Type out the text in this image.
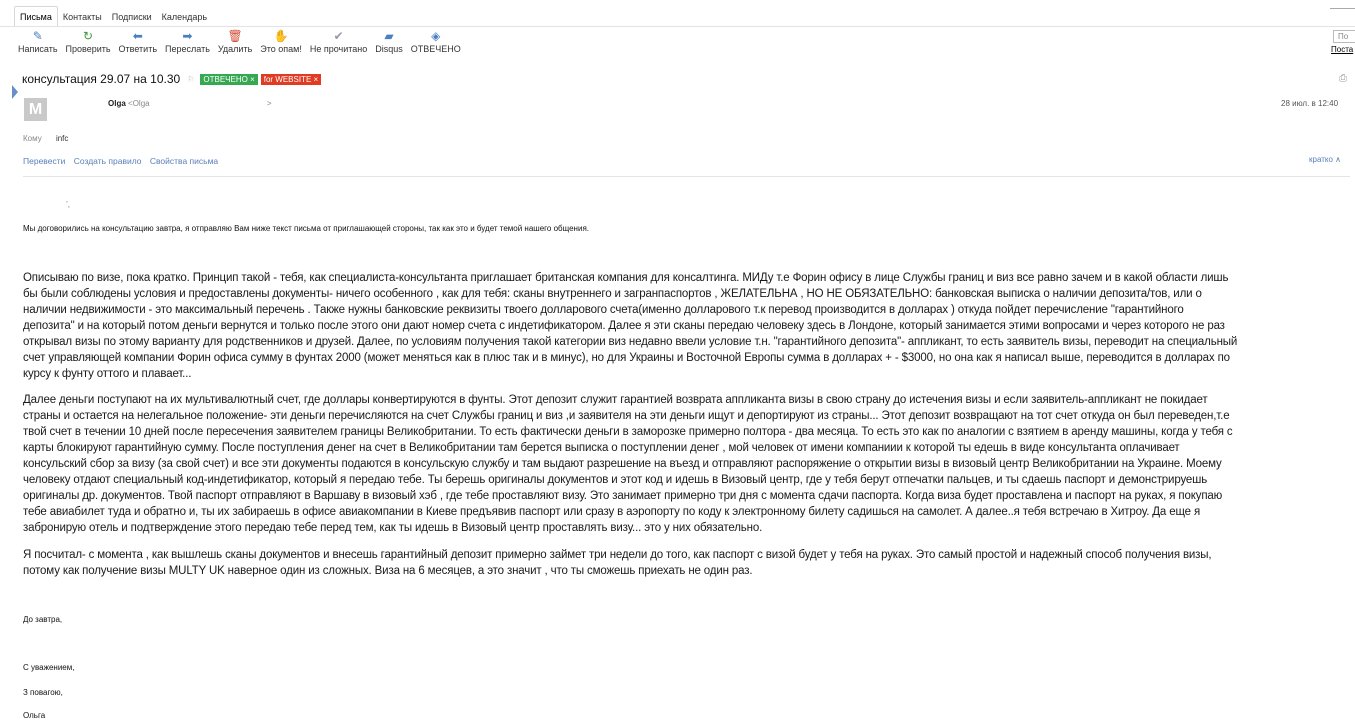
Письма	Контакты	Подписки	Календарь
✎
Написать
↻
Проверить
⬅
Ответить
➡
Переслать
🗑
Удалить
✋
Это опам!
✔
Не прочитано
▰
Disqus
◈
ОТВЕЧЕНО
По
Поста
консультация 29.07 на 10.30 ⚐	ОТВЕЧЕНО ×	for WEBSITE ×	⎙
M	Olga <Olga	>	28 июл. в 12:40
Кому infc
Перевести Создать правило Свойства письма	кратко ∧
’,
Мы договорились на консультацию завтра, я отправляю Вам ниже текст письма от приглашающей стороны, так как это и будет темой нашего общения.
Описываю по визе, пока кратко. Принцип такой - тебя, как специалиста-консультанта приглашает британская компания для консалтинга. МИДу т.е Форин офису в лице Службы границ и виз все равно зачем и в какой области лишь
бы были соблюдены условия и предоставлены документы- ничего особенного , как для тебя: сканы внутреннего и загранпаспортов , ЖЕЛАТЕЛЬНА , НО НЕ ОБЯЗАТЕЛЬНО: банковская выписка о наличии депозита/тов, или о
наличии недвижимости - это максимальный перечень . Также нужны банковские реквизиты твоего долларового счета(именно долларового т.к перевод производится в долларах ) откуда пойдет перечисление "гарантийного
депозита" и на который потом деньги вернутся и только после этого они дают номер счета с индетификатором. Далее я эти сканы передаю человеку здесь в Лондоне, который занимается этими вопросами и через которого не раз
открывал визы по этому варианту для родственников и друзей. Далее, по условиям получения такой категории виз недавно ввели условие т.н. "гарантийного депозита"- аппликант, то есть заявитель визы, переводит на специальный
счет управляющей компании Форин офиса сумму в фунтах 2000 (может меняться как в плюс так и в минус), но для Украины и Восточной Европы сумма в долларах + - $3000, но она как я написал выше, переводится в долларах по
курсу к фунту оттого и плавает...
Далее деньги поступают на их мультивалютный счет, где доллары конвертируются в фунты. Этот депозит служит гарантией возврата аппликанта визы в свою страну до истечения визы и если заявитель-аппликант не покидает
страны и остается на нелегальное положение- эти деньги перечисляются на счет Службы границ и виз ,и заявителя на эти деньги ищут и депортируют из страны... Этот депозит возвращают на тот счет откуда он был переведен,т.е
твой счет в течении 10 дней после пересечения заявителем границы Великобритании. То есть фактически деньги в заморозке примерно полтора - два месяца. То есть это как по аналогии с взятием в аренду машины, когда у тебя с
карты блокируют гарантийную сумму. После поступления денег на счет в Великобритании там берется выписка о поступлении денег , мой человек от имени компаниии к которой ты едешь в виде консультанта оплачивает
консульский сбор за визу (за свой счет) и все эти документы подаются в консульскую службу и там выдают разрешение на въезд и отправляют распоряжение о открытии визы в визовый центр Великобритании на Украине. Моему
человеку отдают специальный код-индетификатор, который я передаю тебе. Ты берешь оригиналы документов и этот код и идешь в Визовый центр, где у тебя берут отпечатки пальцев, и ты сдаешь паспорт и демонстрируешь
оригиналы др. документов. Твой паспорт отправляют в Варшаву в визовый хэб , где тебе проставляют визу. Это занимает примерно три дня с момента сдачи паспорта. Когда виза будет проставлена и паспорт на руках, я покупаю
тебе авиабилет туда и обратно и, ты их забираешь в офисе авиакомпании в Киеве предъявив паспорт или сразу в аэропорту по коду к электронному билету садишься на самолет. А далее..я тебя встречаю в Хитроу. Да еще я
забронирую отель и подтверждение этого передаю тебе перед тем, как ты идешь в Визовый центр проставлять визу... это у них обязательно.
Я посчитал- с момента , как вышлешь сканы документов и внесешь гарантийный депозит примерно займет три недели до того, как паспорт с визой будет у тебя на руках. Это самый простой и надежный способ получения визы,
потому как получение визы MULTY UK наверное один из сложных. Виза на 6 месяцев, а это значит , что ты сможешь приехать не один раз.
До завтра,
С уважением,
З повагою,
Ольга
